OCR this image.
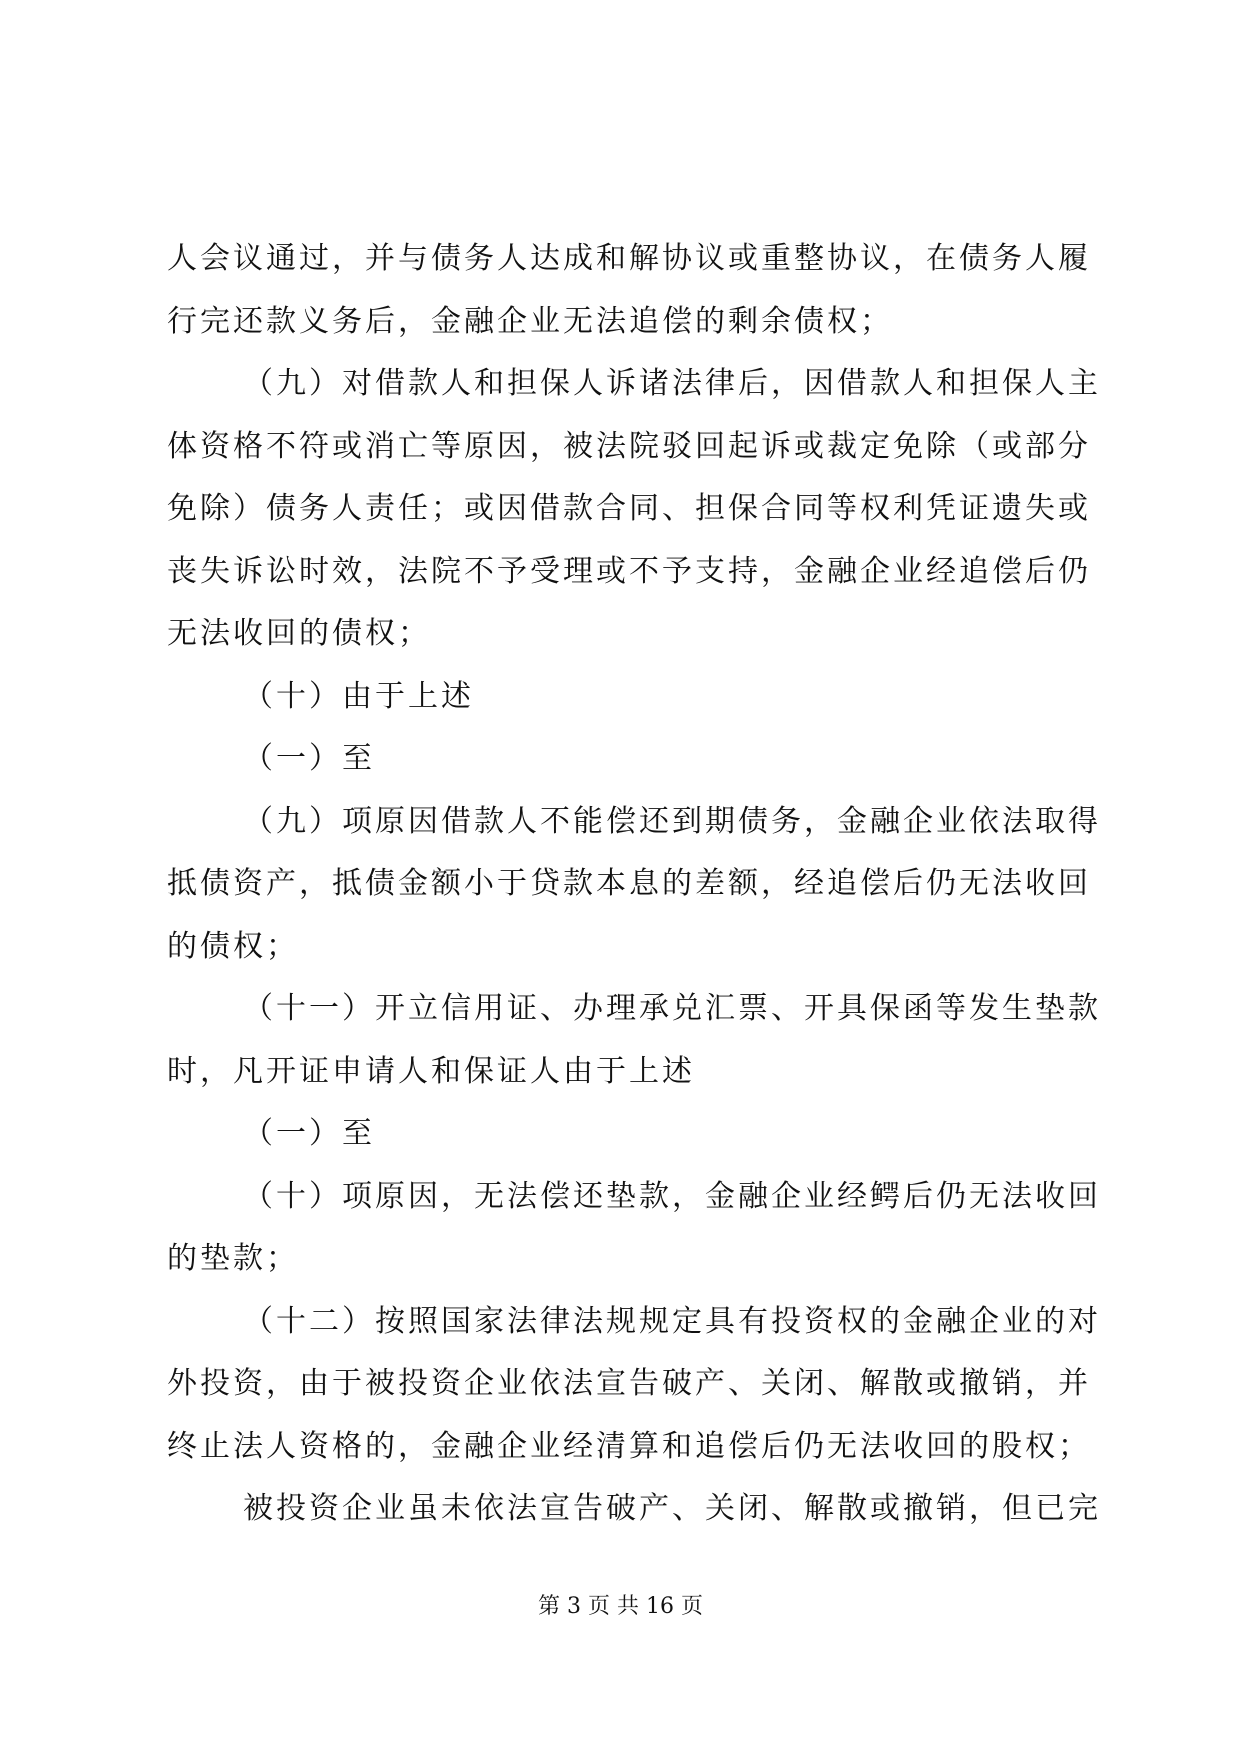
人会议通过，并与债务人达成和解协议或重整协议，在债务人履
行完还款义务后，金融企业无法追偿的剩余债权；
（九）对借款人和担保人诉诸法律后，因借款人和担保人主
体资格不符或消亡等原因，被法院驳回起诉或裁定免除（或部分
免除）债务人责任；或因借款合同、担保合同等权利凭证遗失或
丧失诉讼时效，法院不予受理或不予支持，金融企业经追偿后仍
无法收回的债权；
（十）由于上述
（一）至
（九）项原因借款人不能偿还到期债务，金融企业依法取得
抵债资产，抵债金额小于贷款本息的差额，经追偿后仍无法收回
的债权；
（十一）开立信用证、办理承兑汇票、开具保函等发生垫款
时，凡开证申请人和保证人由于上述
（一）至
（十）项原因，无法偿还垫款，金融企业经鳄后仍无法收回
的垫款；
（十二）按照国家法律法规规定具有投资权的金融企业的对
外投资，由于被投资企业依法宣告破产、关闭、解散或撤销，并
终止法人资格的，金融企业经清算和追偿后仍无法收回的股权；
被投资企业虽未依法宣告破产、关闭、解散或撤销，但已完
第 3 页 共 16 页
